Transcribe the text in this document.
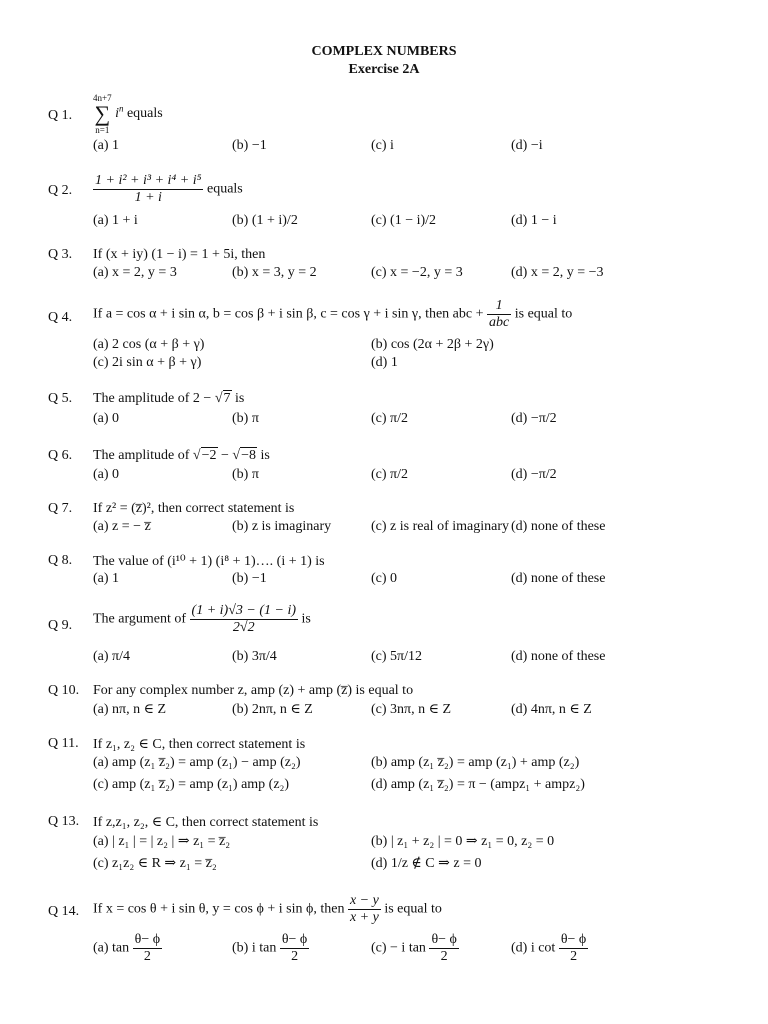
COMPLEX NUMBERS
Exercise 2A
Q 1.
4n+7
∑
n=1
$i^n$ equals
(a) 1	(b) −1	(c) i	(d) −i
Q 2. $\frac{\text{1 + i² + i³ + i⁴ + i⁵}}{1 + i}$ equals
(a) 1 + i	(b) (1 + i)/2	(c) (1 − i)/2	(d) 1 − i
Q 3. If (x + iy) (1 − i) = 1 + 5i, then
(a) x = 2, y = 3	(b) x = 3, y = 2	(c) x = −2, y = 3	(d) x = 2, y = −3
Q 4. If a = cos α + i sin α, b = cos β + i sin β, c = cos γ + i sin γ, then abc + $\frac{1}{\text{abc}}$ is equal to
(a) 2 cos (α + β + γ)	(b) cos (2α + 2β + 2γ)
(c) 2i sin α + β + γ)	(d) 1
Q 5. The amplitude of 2 − √7 is
(a) 0	(b) π	(c) π/2	(d) −π/2
Q 6. The amplitude of √−2 − √−8 is
(a) 0	(b) π	(c) π/2	(d) −π/2
Q 7. If z² = (z̅)², then correct statement is
(a) z = − z̅	(b) z is imaginary	(c) z is real of imaginary (d) none of these
Q 8. The value of (i¹⁰ + 1) (i⁸ + 1)…. (i + 1) is
(a) 1	(b) −1	(c) 0	(d) none of these
Q 9. The argument of $\frac{(1 + i)√3 - (1 - i)}{2√2}$ is
(a) π/4	(b) 3π/4	(c) 5π/12	(d) none of these
Q 10. For any complex number z, amp (z) + amp (z̅) is equal to
(a) nπ, n ∈ Z	(b) 2nπ, n ∈ Z	(c) 3nπ, n ∈ Z	(d) 4nπ, n ∈ Z
Q 11. If z₁, z₂ ∈ C, then correct statement is
(a) amp (z₁ z̅₂) = amp (z₁) − amp (z₂)	(b) amp (z₁ z̅₂) = amp (z₁) + amp (z₂)
(c) amp (z₁ z̅₂) = amp (z₁) amp (z₂)	(d) amp (z₁ z̅₂) = π − (ampz₁ + ampz₂)
Q 13. If z,z₁, z₂, ∈ C, then correct statement is
(a) | z₁ | = | z₂ | ⇒ z₁ = z̅₂	(b) | z₁ + z₂ | = 0 ⇒ z₁ = 0, z₂ = 0
(c) z₁z₂ ∈ R ⇒ z₁ = z̅₂	(d) 1/z ∉ C ⇒ z = 0
Q 14. If x = cos θ + i sin θ, y = cos ϕ + i sin ϕ, then $\frac{x - y}{x + y}$ is equal to
(a) $\tan \frac{\theta- \phi}{2}$	(b) i $\tan \frac{\theta- \phi}{2}$	(c) − i $\tan \frac{\theta- \phi}{2}$	(d) i $\cot \frac{\theta- \phi}{2}$
